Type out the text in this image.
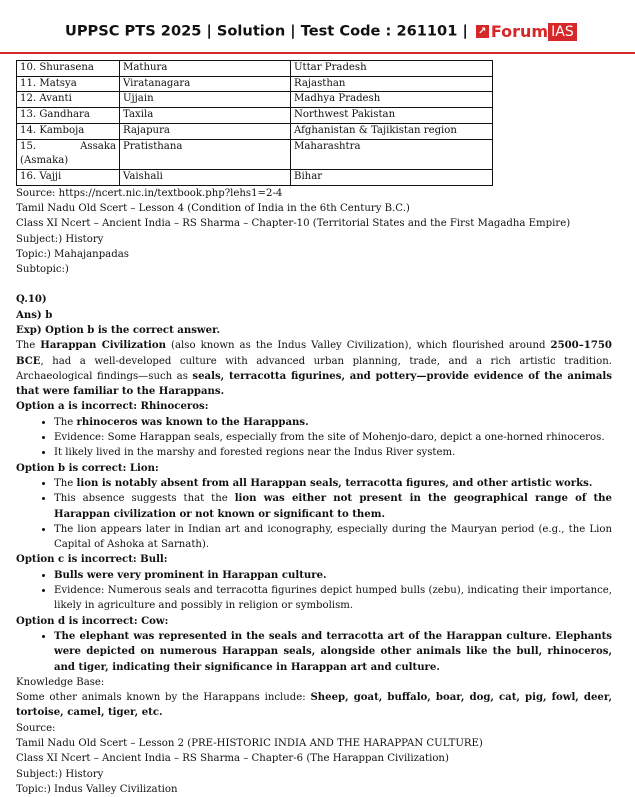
UPPSC PTS 2025 | Solution | Test Code : 261101 | ↗ Forum IAS
10. Shurasena	Mathura	Uttar Pradesh
11. Matsya	Viratanagara	Rajasthan
12. Avanti	Ujjain	Madhya Pradesh
13. Gandhara	Taxila	Northwest Pakistan
14. Kamboja	Rajapura	Afghanistan & Tajikistan region

15. Assaka
(Asmaka)	Pratisthana	Maharashtra
16. Vajji	Vaishali	Bihar

Source: https://ncert.nic.in/textbook.php?lehs1=2-4

Tamil Nadu Old Scert – Lesson 4 (Condition of India in the 6th Century B.C.)

Class XI Ncert – Ancient India – RS Sharma – Chapter-10 (Territorial States and the First Magadha Empire)

Subject:) History

Topic:) Mahajanpadas

Subtopic:)

Q.10)

Ans) b

Exp) Option b is the correct answer.

The Harappan Civilization (also known as the Indus Valley Civilization), which flourished around 2500–1750 BCE, had a well-developed culture with advanced urban planning, trade, and a rich artistic tradition. Archaeological findings—such as seals, terracotta figurines, and pottery—provide evidence of the animals that were familiar to the Harappans.

Option a is incorrect: Rhinoceros:

• The rhinoceros was known to the Harappans.
• Evidence: Some Harappan seals, especially from the site of Mohenjo-daro, depict a one-horned rhinoceros.
• It likely lived in the marshy and forested regions near the Indus River system.

Option b is correct: Lion:

• The lion is notably absent from all Harappan seals, terracotta figures, and other artistic works.
• This absence suggests that the lion was either not present in the geographical range of the Harappan civilization or not known or significant to them.
• The lion appears later in Indian art and iconography, especially during the Mauryan period (e.g., the Lion Capital of Ashoka at Sarnath).

Option c is incorrect: Bull:

• Bulls were very prominent in Harappan culture.
• Evidence: Numerous seals and terracotta figurines depict humped bulls (zebu), indicating their importance, likely in agriculture and possibly in religion or symbolism.

Option d is incorrect: Cow:

• The elephant was represented in the seals and terracotta art of the Harappan culture. Elephants were depicted on numerous Harappan seals, alongside other animals like the bull, rhinoceros, and tiger, indicating their significance in Harappan art and culture.

Knowledge Base:

Some other animals known by the Harappans include: Sheep, goat, buffalo, boar, dog, cat, pig, fowl, deer, tortoise, camel, tiger, etc.

Source:

Tamil Nadu Old Scert – Lesson 2 (PRE-HISTORIC INDIA AND THE HARAPPAN CULTURE)

Class XI Ncert – Ancient India – RS Sharma – Chapter-6 (The Harappan Civilization)

Subject:) History

Topic:) Indus Valley Civilization
